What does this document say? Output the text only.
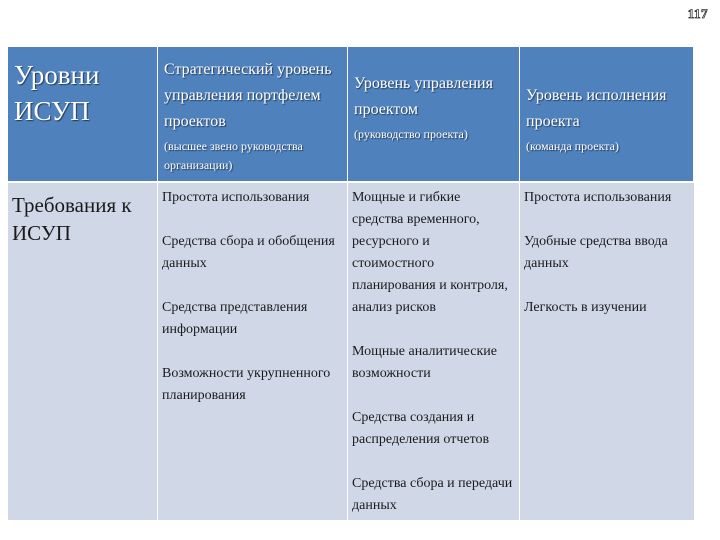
117
Уровни ИСУП
Стратегический уровень управления портфелем проектов
(высшее звено руководства организации)
Уровень управления проектом
(руководство проекта)
Уровень исполнения проекта
(команда проекта)
Требования к ИСУП
Простота использования
Средства сбора и обобщения данных
Средства представления информации
Возможности укрупненного планирования
Мощные и гибкие средства временного, ресурсного и стоимостного планирования и контроля, анализ рисков
Мощные аналитические возможности
Средства создания и распределения отчетов
Средства сбора и передачи данных
Простота использования
Удобные средства ввода данных
Легкость в изучении
